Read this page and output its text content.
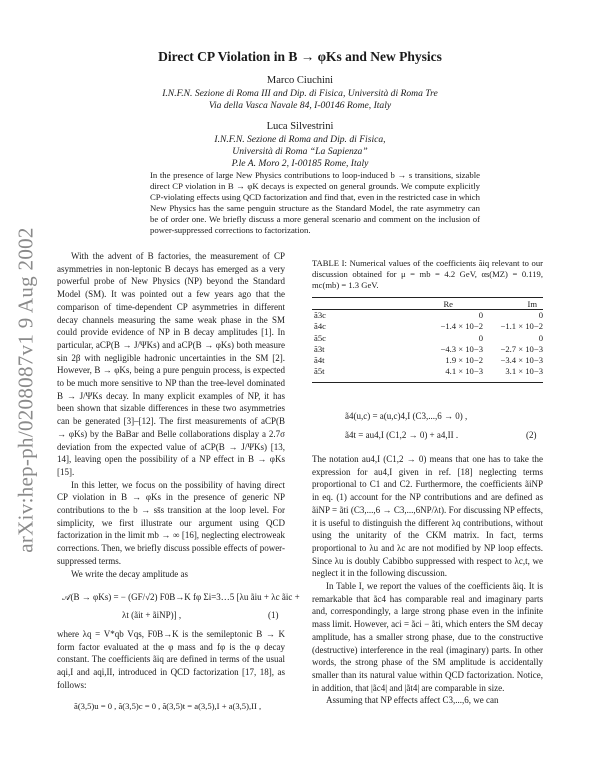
arXiv:hep-ph/0208087v1 9 Aug 2002
Direct CP Violation in B → φKs and New Physics
Marco Ciuchini
I.N.F.N. Sezione di Roma III and Dip. di Fisica, Università di Roma Tre
Via della Vasca Navale 84, I-00146 Rome, Italy
Luca Silvestrini
I.N.F.N. Sezione di Roma and Dip. di Fisica,
Università di Roma “La Sapienza”
P.le A. Moro 2, I-00185 Rome, Italy
In the presence of large New Physics contributions to loop-induced b → s transitions, sizable direct CP violation in B → φK decays is expected on general grounds. We compute explicitly CP-violating effects using QCD factorization and find that, even in the restricted case in which New Physics has the same penguin structure as the Standard Model, the rate asymmetry can be of order one. We briefly discuss a more general scenario and comment on the inclusion of power-suppressed corrections to factorization.

With the advent of B factories, the measurement of CP asymmetries in non-leptonic B decays has emerged as a very powerful probe of New Physics (NP) beyond the Standard Model (SM). It was pointed out a few years ago that the comparison of time-dependent CP asymmetries in different decay channels measuring the same weak phase in the SM could provide evidence of NP in B decay amplitudes [1]. In particular, aCP(B → J/ΨKs) and aCP(B → φKs) both measure sin 2β with negligible hadronic uncertainties in the SM [2]. However, B → φKs, being a pure penguin process, is expected to be much more sensitive to NP than the tree-level dominated B → J/ΨKs decay. In many explicit examples of NP, it has been shown that sizable differences in these two asymmetries can be generated [3]–[12]. The first measurements of aCP(B → φKs) by the BaBar and Belle collaborations display a 2.7σ deviation from the expected value of aCP(B → J/ΨKs) [13, 14], leaving open the possibility of a NP effect in B → φKs [15].

In this letter, we focus on the possibility of having direct CP violation in B → φKs in the presence of generic NP contributions to the b → ss̄s transition at the loop level. For simplicity, we first illustrate our argument using QCD factorization in the limit mb → ∞ [16], neglecting electroweak corrections. Then, we briefly discuss possible effects of power-suppressed terms.

We write the decay amplitude as

𝒜(B → φKs) = − (GF/√2) F0B→K fφ Σi=3…5 [λu ãiu + λc ãic +
λt (ãit + ãiNP)] ,	(1)

where λq = V*qb Vqs, F0B→K is the semileptonic B → K form factor evaluated at the φ mass and fφ is the φ decay constant. The coefficients ãiq are defined in terms of the usual aqi,I and aqi,II, introduced in QCD factorization [17, 18], as follows:

ã(3,5)u = 0 , ã(3,5)c = 0 , ã(3,5)t = a(3,5),I + a(3,5),II ,
TABLE I: Numerical values of the coefficients ãiq relevant to our discussion obtained for μ = mb = 4.2 GeV, αs(MZ) = 0.119, mc(mb) = 1.3 GeV.
	Re	Im
ã3c	0	0
ã4c	−1.4 × 10−2	−1.1 × 10−2
ã5c	0	0
ã3t	−4.3 × 10−3	−2.7 × 10−3
ã4t	1.9 × 10−2	−3.4 × 10−3
ã5t	4.1 × 10−3	3.1 × 10−3
ã4(u,c) = a(u,c)4,I (C3,...,6 → 0) ,
ã4t = au4,I (C1,2 → 0) + a4,II .	(2)

The notation au4,I (C1,2 → 0) means that one has to take the expression for au4,I given in ref. [18] neglecting terms proportional to C1 and C2. Furthermore, the coefficients ãiNP in eq. (1) account for the NP contributions and are defined as ãiNP = ãti (C3,...,6 → C3,...,6NP/λt). For discussing NP effects, it is useful to distinguish the different λq contributions, without using the unitarity of the CKM matrix. In fact, terms proportional to λu and λc are not modified by NP loop effects. Since λu is doubly Cabibbo suppressed with respect to λc,t, we neglect it in the following discussion.

In Table I, we report the values of the coefficients ãiq. It is remarkable that ãc4 has comparable real and imaginary parts and, correspondingly, a large strong phase even in the infinite mass limit. However, aci = ãci − ãti, which enters the SM decay amplitude, has a smaller strong phase, due to the constructive (destructive) interference in the real (imaginary) parts. In other words, the strong phase of the SM amplitude is accidentally smaller than its natural value within QCD factorization. Notice, in addition, that |ãc4| and |ãt4| are comparable in size.

Assuming that NP effects affect C3,...,6, we can
